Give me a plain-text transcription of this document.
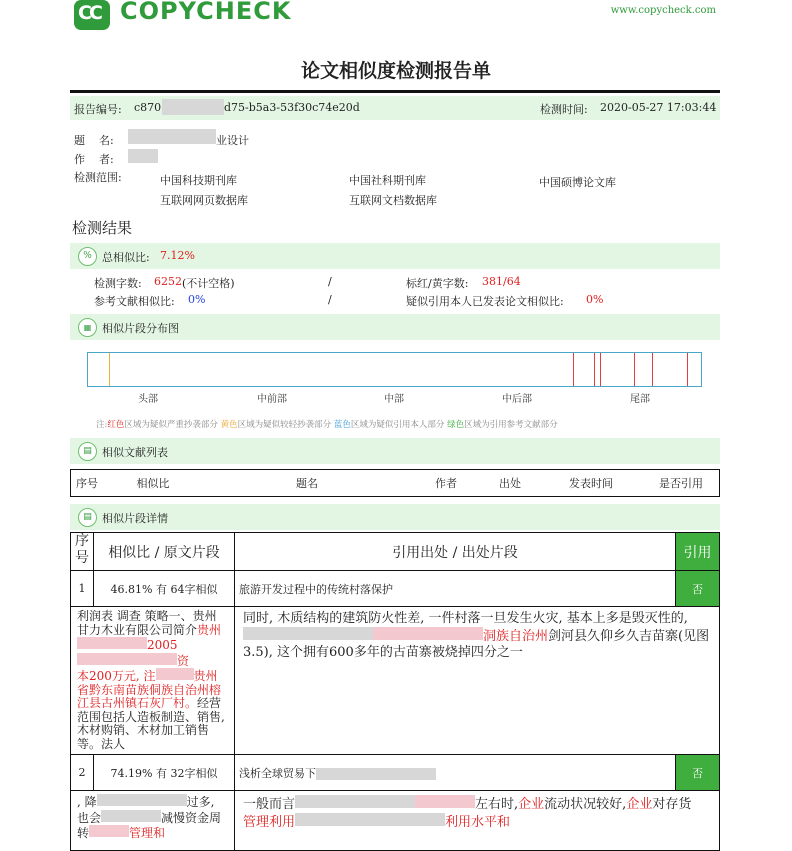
CC COPYCHECK	www.copycheck.com
论文相似度检测报告单
报告编号: c870	d75-b5a3-53f30c74e20d	检测时间: 2020-05-27 17:03:44
题    名:	业设计
作    者:
检测范围:	中国科技期刊库	中国社科期刊库	中国硕博论文库
互联网网页数据库	互联网文档数据库
检测结果
% 总相似比: 7.12%
检测字数: 6252 (不计空格)	/	标红/黄字数: 381/64
参考文献相似比: 0%	/	疑似引用本人已发表论文相似比: 0%
▦ 相似片段分布图
头部	中前部	中部	中后部	尾部
注:红色区域为疑似严重抄袭部分 黄色区域为疑似较轻抄袭部分 蓝色区域为疑似引用本人部分 绿色区域为引用参考文献部分
▤ 相似文献列表
序号	相似比	题名	作者	出处	发表时间	是否引用
▤ 相似片段详情
序号	相似比 / 原文片段	引用出处 / 出处片段	引用
1	46.81% 有 64字相似	旅游开发过程中的传统村落保护	否
利润表 调查 策略一、贵州甘力木业有限公司简介贵州 2005 资
本200万元, 注 贵州省黔东南苗族侗族自治州榕江县古州镇石灰厂村。经营范围包括人造板制造、销售, 木材购销、木材加工销售等。法人		同时, 木质结构的建筑防火性差, 一件村落一旦发生火灾, 基本上多是毁灭性的, 洞族自治州剑河县久仰乡久吉苗寨(见图3.5), 这个拥有600多年的古苗寨被烧掉四分之一	
2	74.19% 有 32字相似	浅析全球贸易下	否
, 降 过多, 也会 减慢资金周转 管理和		一般而言 左右时,企业流动状况较好,企业对存货
管理利用 利用水平和	
